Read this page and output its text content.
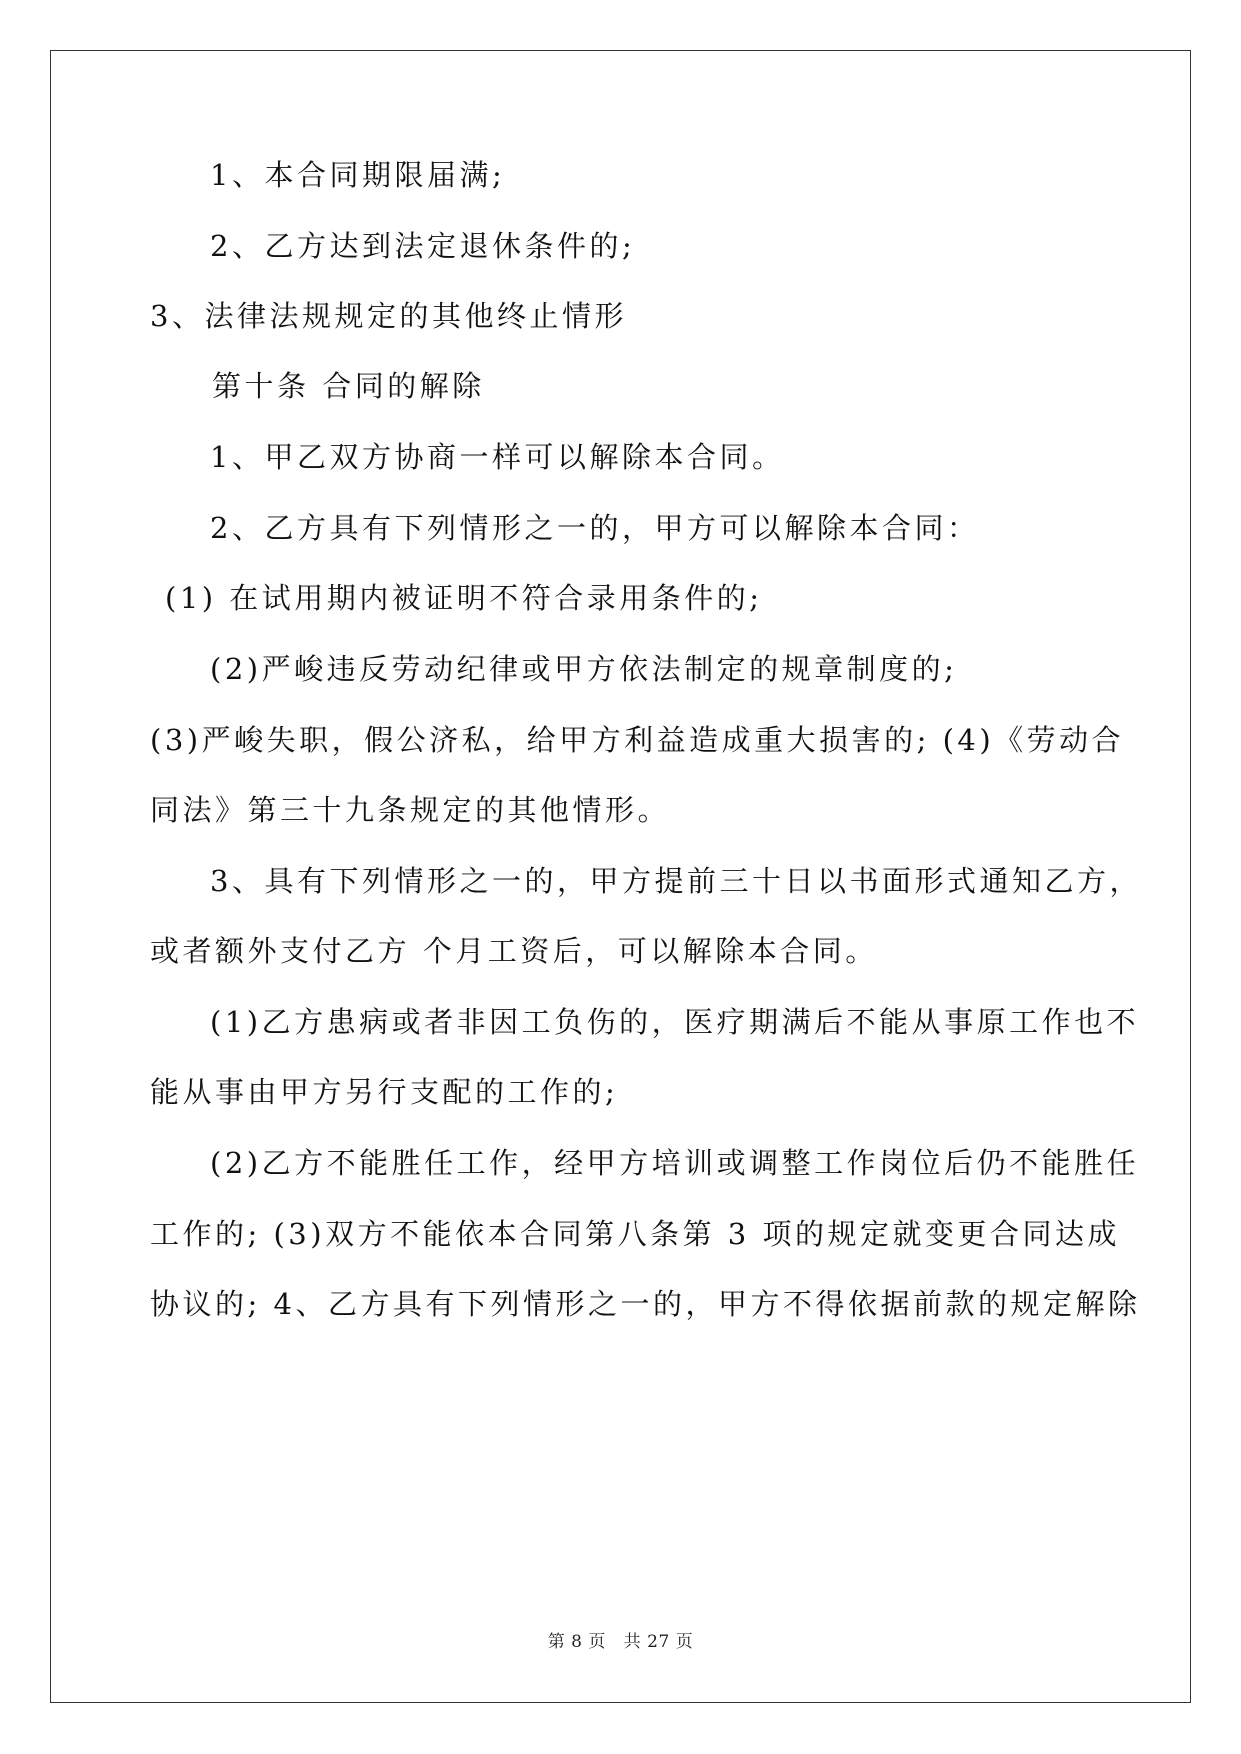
1、本合同期限届满;
2、乙方达到法定退休条件的;
3、法律法规规定的其他终止情形
第十条 合同的解除
1、甲乙双方协商一样可以解除本合同。
2、乙方具有下列情形之一的，甲方可以解除本合同：
(1) 在试用期内被证明不符合录用条件的;
(2)严峻违反劳动纪律或甲方依法制定的规章制度的;
(3)严峻失职，假公济私，给甲方利益造成重大损害的; (4)《劳动合
同法》第三十九条规定的其他情形。
3、具有下列情形之一的，甲方提前三十日以书面形式通知乙方，
或者额外支付乙方 个月工资后，可以解除本合同。
(1)乙方患病或者非因工负伤的，医疗期满后不能从事原工作也不
能从事由甲方另行支配的工作的;
(2)乙方不能胜任工作，经甲方培训或调整工作岗位后仍不能胜任
工作的; (3)双方不能依本合同第八条第 3 项的规定就变更合同达成
协议的; 4、乙方具有下列情形之一的，甲方不得依据前款的规定解除
第 8 页 共 27 页
